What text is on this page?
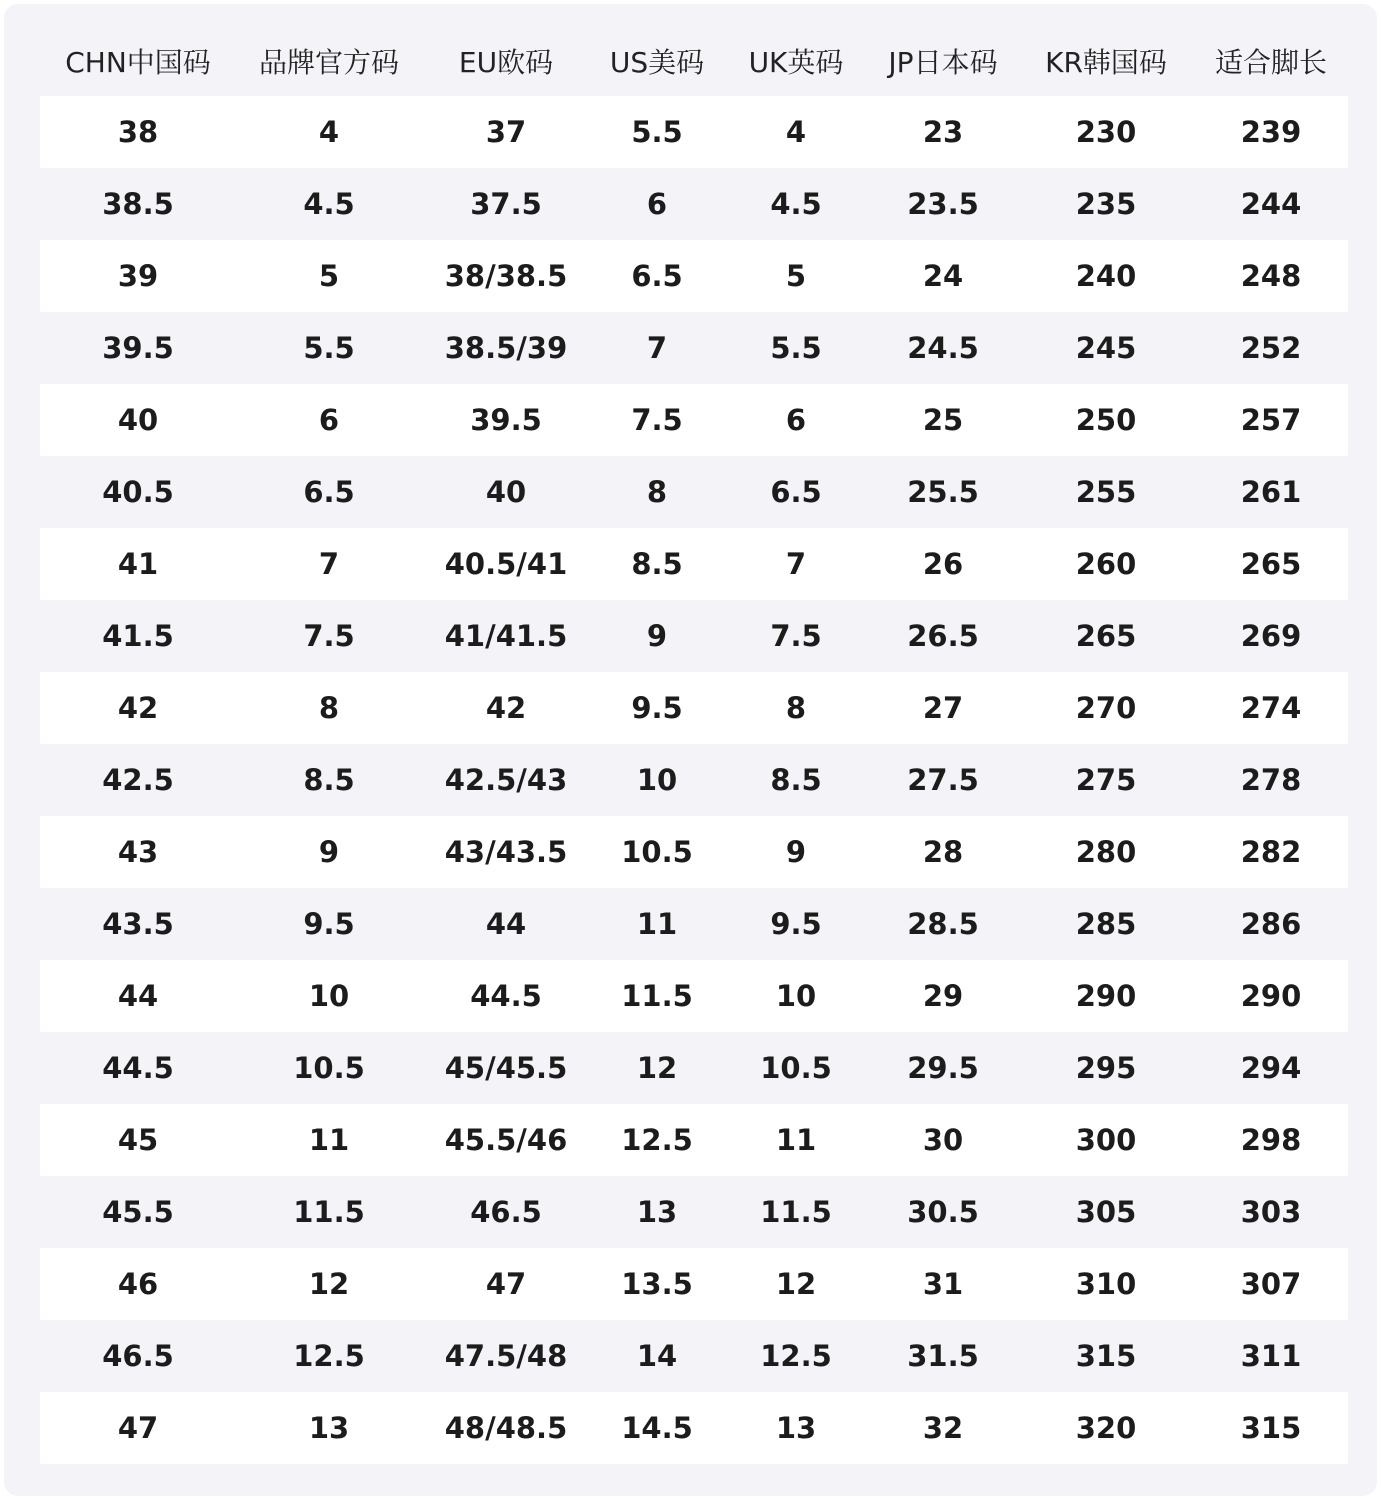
CHN中国码	品牌官方码	EU欧码	US美码	UK英码	JP日本码	KR韩国码	适合脚长
38	4	37	5.5	4	23	230	239
38.5	4.5	37.5	6	4.5	23.5	235	244
39	5	38/38.5	6.5	5	24	240	248
39.5	5.5	38.5/39	7	5.5	24.5	245	252
40	6	39.5	7.5	6	25	250	257
40.5	6.5	40	8	6.5	25.5	255	261
41	7	40.5/41	8.5	7	26	260	265
41.5	7.5	41/41.5	9	7.5	26.5	265	269
42	8	42	9.5	8	27	270	274
42.5	8.5	42.5/43	10	8.5	27.5	275	278
43	9	43/43.5	10.5	9	28	280	282
43.5	9.5	44	11	9.5	28.5	285	286
44	10	44.5	11.5	10	29	290	290
44.5	10.5	45/45.5	12	10.5	29.5	295	294
45	11	45.5/46	12.5	11	30	300	298
45.5	11.5	46.5	13	11.5	30.5	305	303
46	12	47	13.5	12	31	310	307
46.5	12.5	47.5/48	14	12.5	31.5	315	311
47	13	48/48.5	14.5	13	32	320	315
